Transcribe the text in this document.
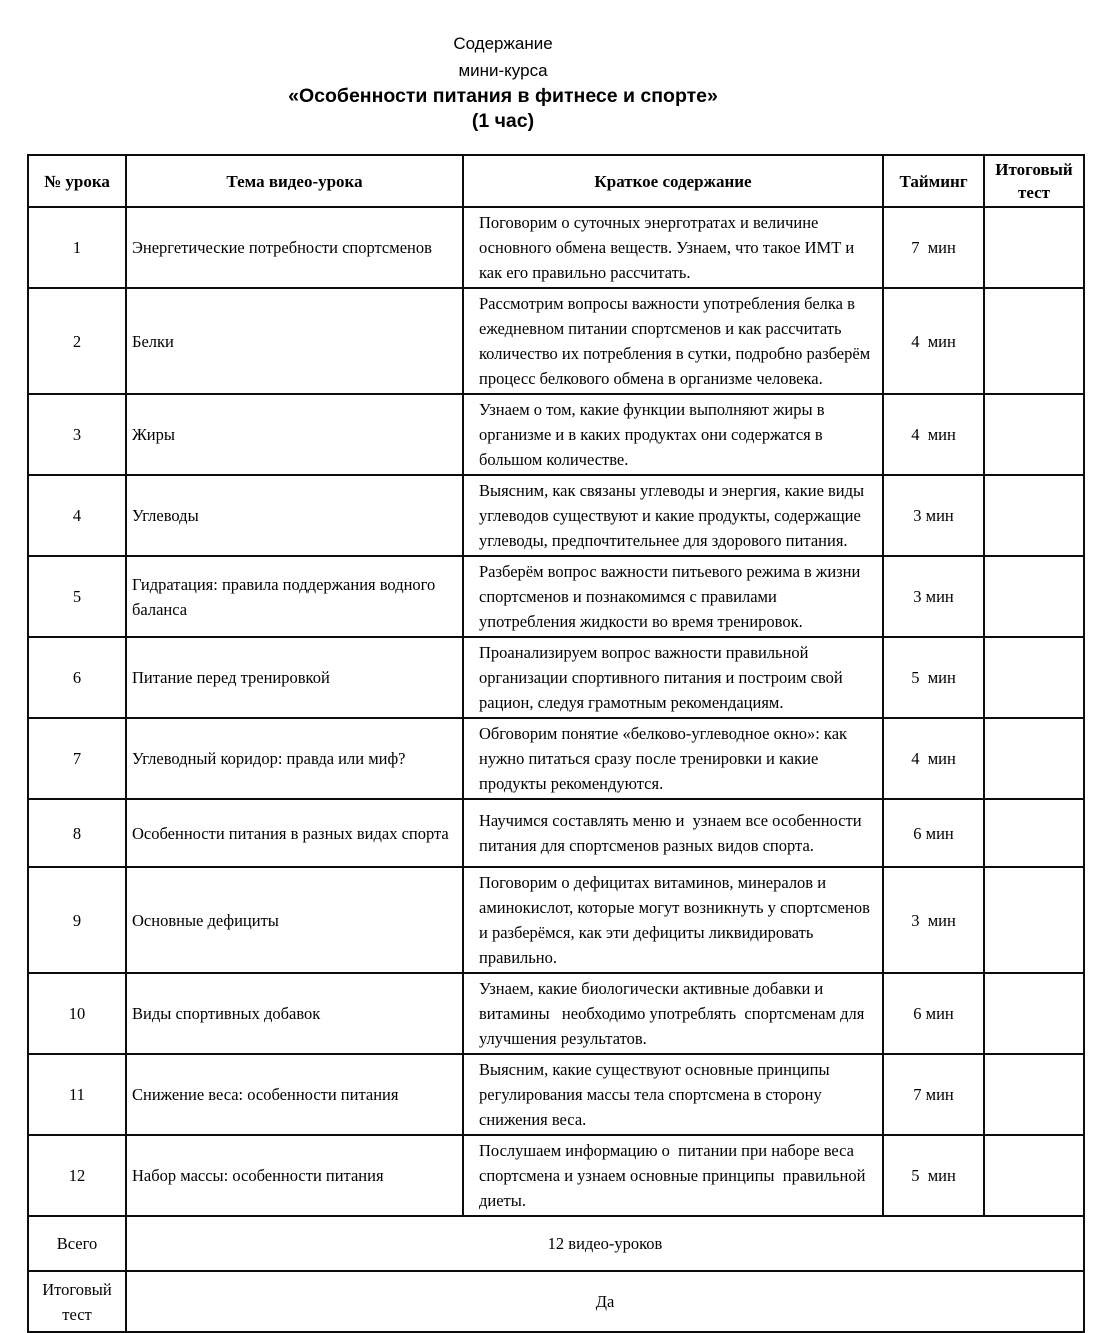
Содержание
мини-курса
«Особенности питания в фитнесе и спорте»
(1 час)
№ урока	Тема видео-урока	Краткое содержание	Тайминг	Итоговый тест
1	Энергетические потребности спортсменов	Поговорим о суточных энерготратах и величине основного обмена веществ. Узнаем, что такое ИМТ и как его правильно рассчитать.	7  мин	
2	Белки	Рассмотрим вопросы важности употребления белка в ежедневном питании спортсменов и как рассчитать количество их потребления в сутки, подробно разберём процесс белкового обмена в организме человека.	4  мин	
3	Жиры	Узнаем о том, какие функции выполняют жиры в организме и в каких продуктах они содержатся в большом количестве.	4  мин	
4	Углеводы	Выясним, как связаны углеводы и энергия, какие виды углеводов существуют и какие продукты, содержащие углеводы, предпочтительнее для здорового питания.	3 мин	
5	Гидратация: правила поддержания водного баланса	Разберём вопрос важности питьевого режима в жизни спортсменов и познакомимся с правилами употребления жидкости во время тренировок.	3 мин	
6	Питание перед тренировкой	Проанализируем вопрос важности правильной организации спортивного питания и построим свой рацион, следуя грамотным рекомендациям.	5  мин	
7	Углеводный коридор: правда или миф?	Обговорим понятие «белково-углеводное окно»: как нужно питаться сразу после тренировки и какие продукты рекомендуются.	4  мин	
8	Особенности питания в разных видах спорта	Научимся составлять меню и  узнаем все особенности питания для спортсменов разных видов спорта.	6 мин	
9	Основные дефициты	Поговорим о дефицитах витаминов, минералов и аминокислот, которые могут возникнуть у спортсменов и разберёмся, как эти дефициты ликвидировать правильно.	3  мин	
10	Виды спортивных добавок	Узнаем, какие биологически активные добавки и витамины   необходимо употреблять  спортсменам для улучшения результатов.	6 мин	
11	Снижение веса: особенности питания	Выясним, какие существуют основные принципы регулирования массы тела спортсмена в сторону снижения веса.	7 мин	
12	Набор массы: особенности питания	Послушаем информацию о  питании при наборе веса спортсмена и узнаем основные принципы  правильной диеты.	5  мин	
Всего	12 видео-уроков			
Итоговый тест	Да			
